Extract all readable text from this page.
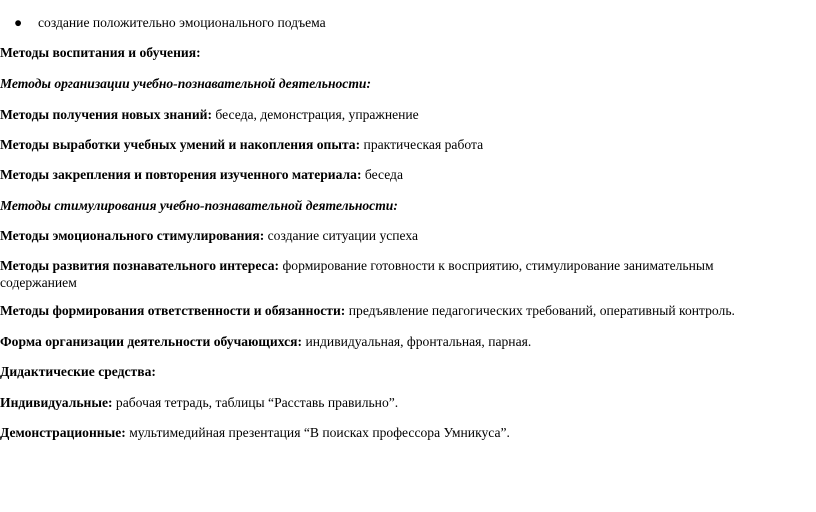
● создание положительно эмоционального подъема
Методы воспитания и обучения:
Методы организации учебно-познавательной деятельности:
Методы получения новых знаний: беседа, демонстрация, упражнение
Методы выработки учебных умений и накопления опыта: практическая работа
Методы закрепления и повторения изученного материала: беседа
Методы стимулирования учебно-познавательной деятельности:
Методы эмоционального стимулирования: создание ситуации успеха
Методы развития познавательного интереса: формирование готовности к восприятию, стимулирование занимательным содержанием
Методы формирования ответственности и обязанности: предъявление педагогических требований, оперативный контроль.
Форма организации деятельности обучающихся: индивидуальная, фронтальная, парная.
Дидактические средства:
Индивидуальные: рабочая тетрадь, таблицы “Расставь правильно”.
Демонстрационные: мультимедийная презентация “В поисках профессора Умникуса”.
